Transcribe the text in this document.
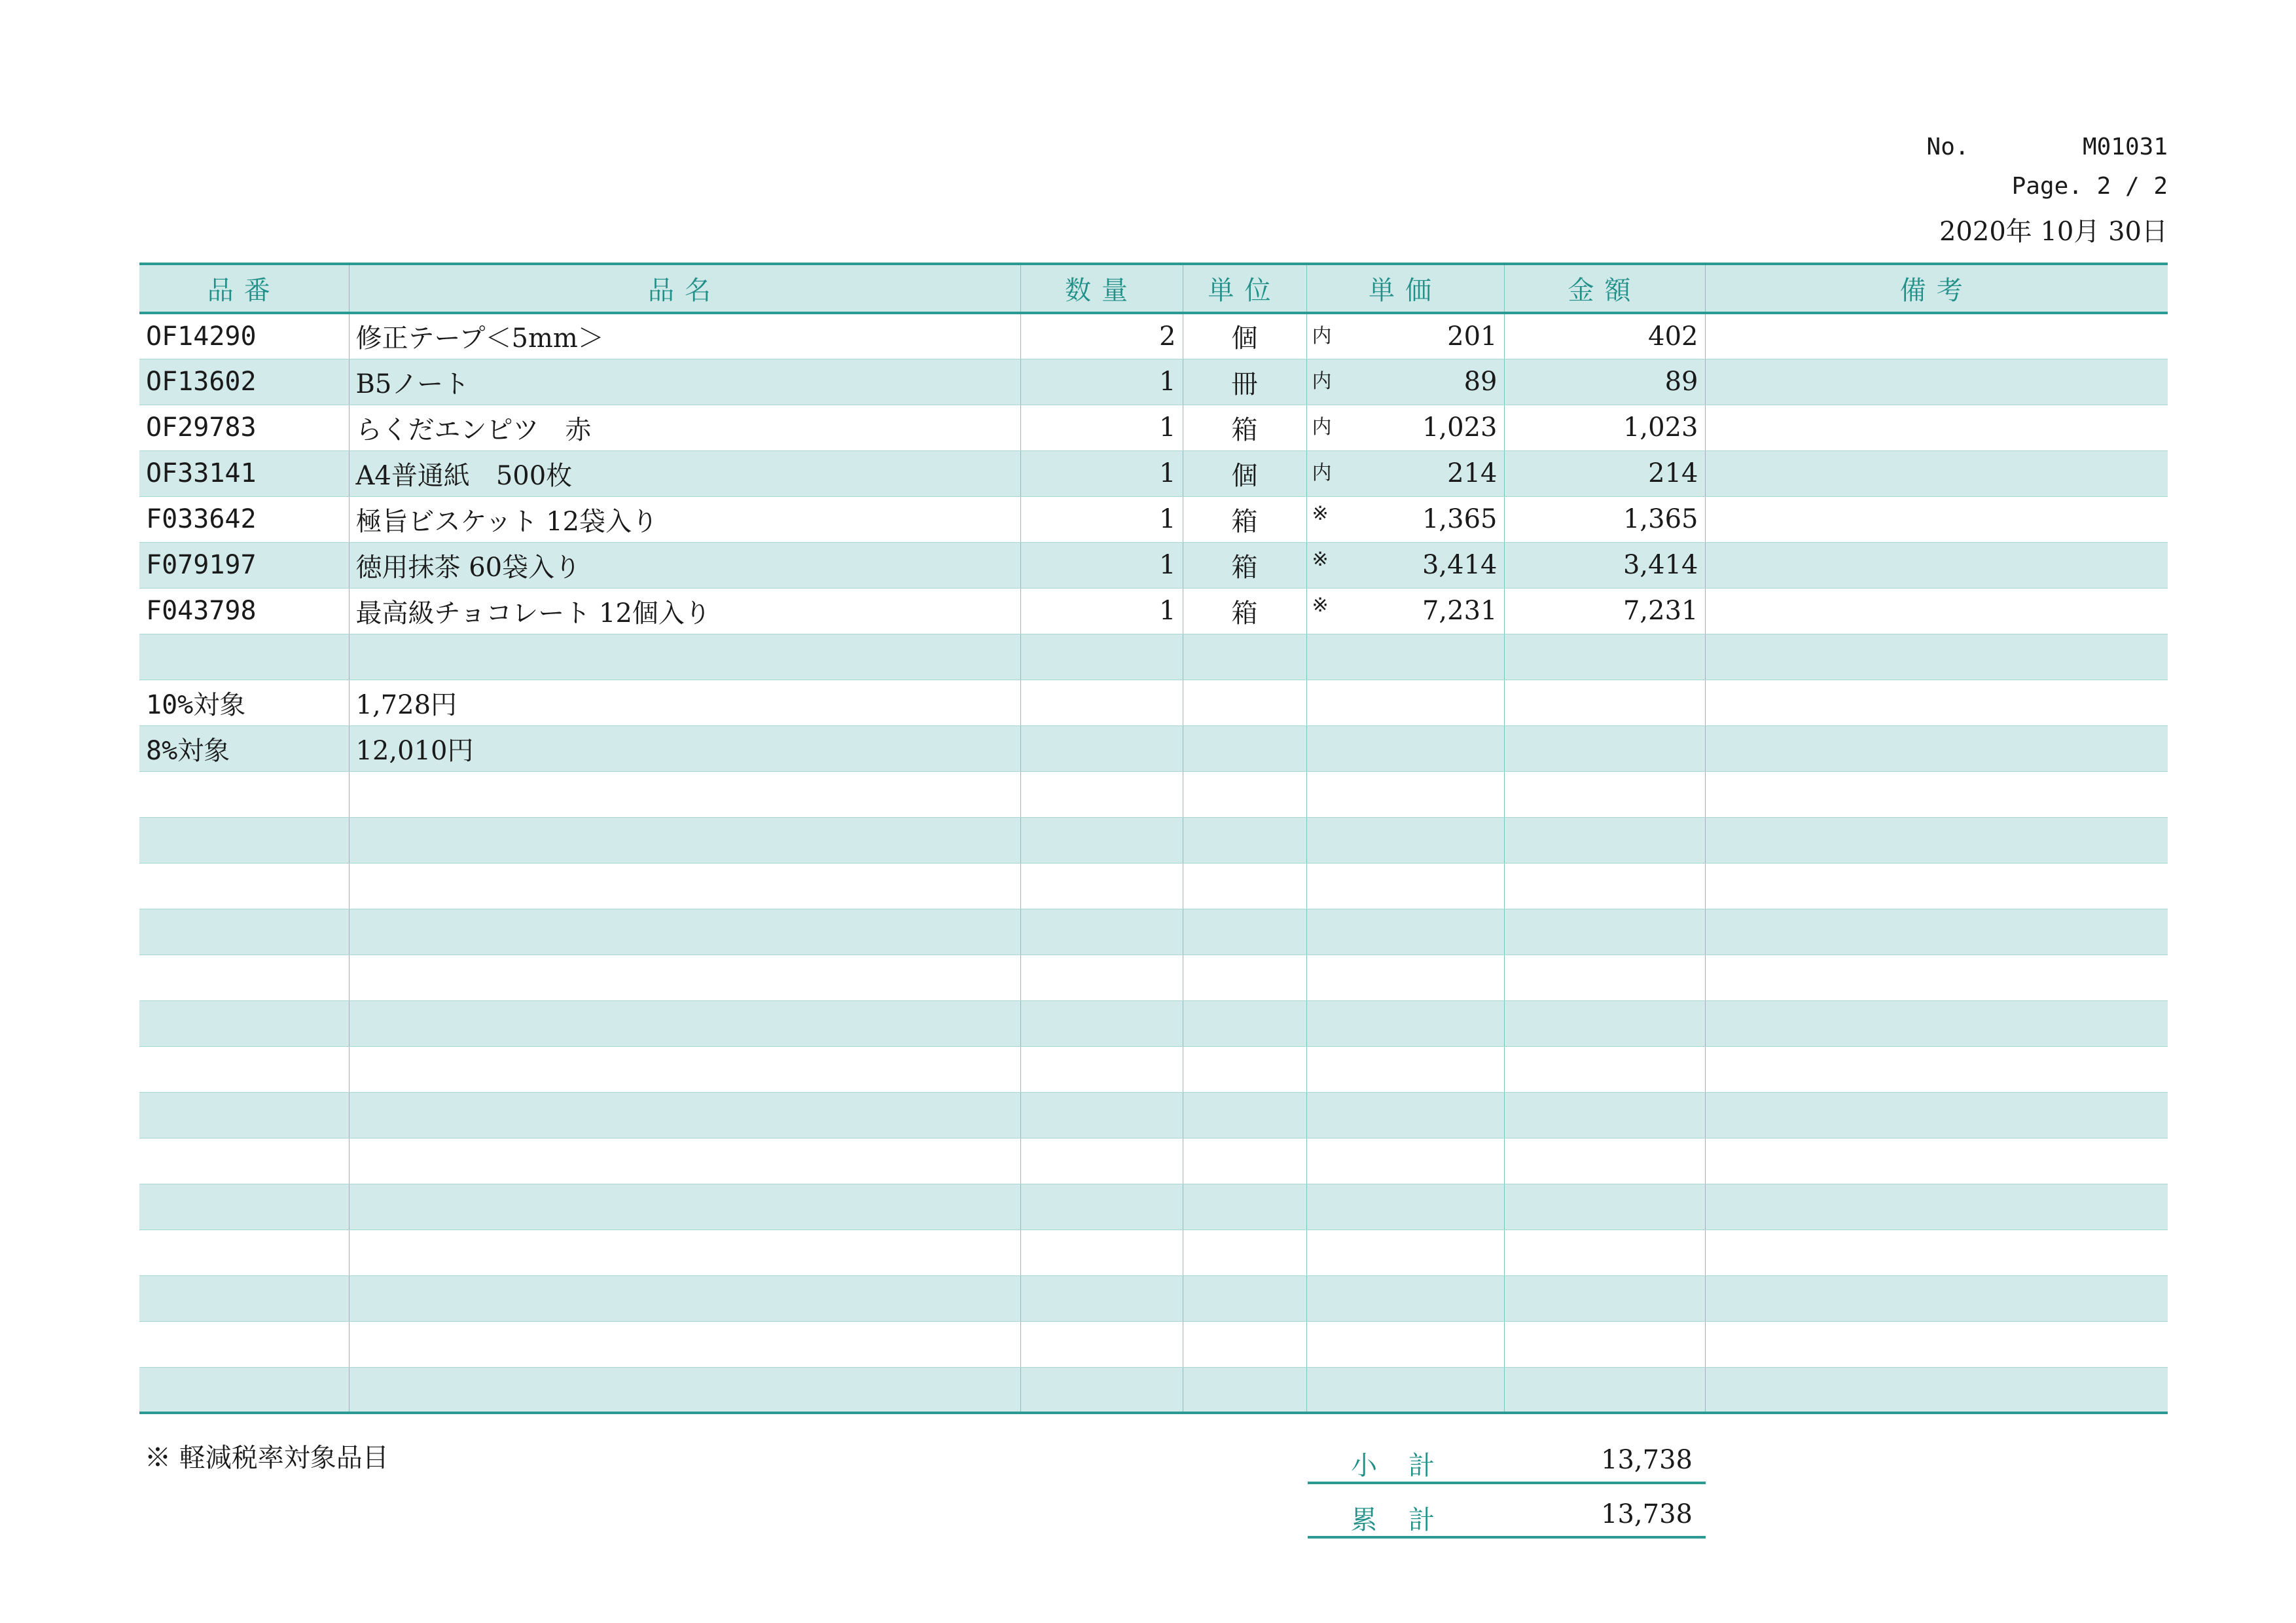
No.	M01031
Page. 2 / 2
2020年 10月 30日
品番	品名	数量	単位	単価	金額	備考
OF14290	修正テープ＜5mm＞	2	個	内 201	402	
OF13602	B5ノート	1	冊	内 89	89	
OF29783	らくだエンピツ　赤	1	箱	内 1,023	1,023	
OF33141	A4普通紙　500枚	1	個	内 214	214	
F033642	極旨ビスケット 12袋入り	1	箱	※ 1,365	1,365	
F079197	徳用抹茶 60袋入り	1	箱	※ 3,414	3,414	
F043798	最高級チョコレート 12個入り	1	箱	※ 7,231	7,231	

10%対象	1,728円			

8%対象	12,010円			

※ 軽減税率対象品目	小計	13,738
累計	13,738
